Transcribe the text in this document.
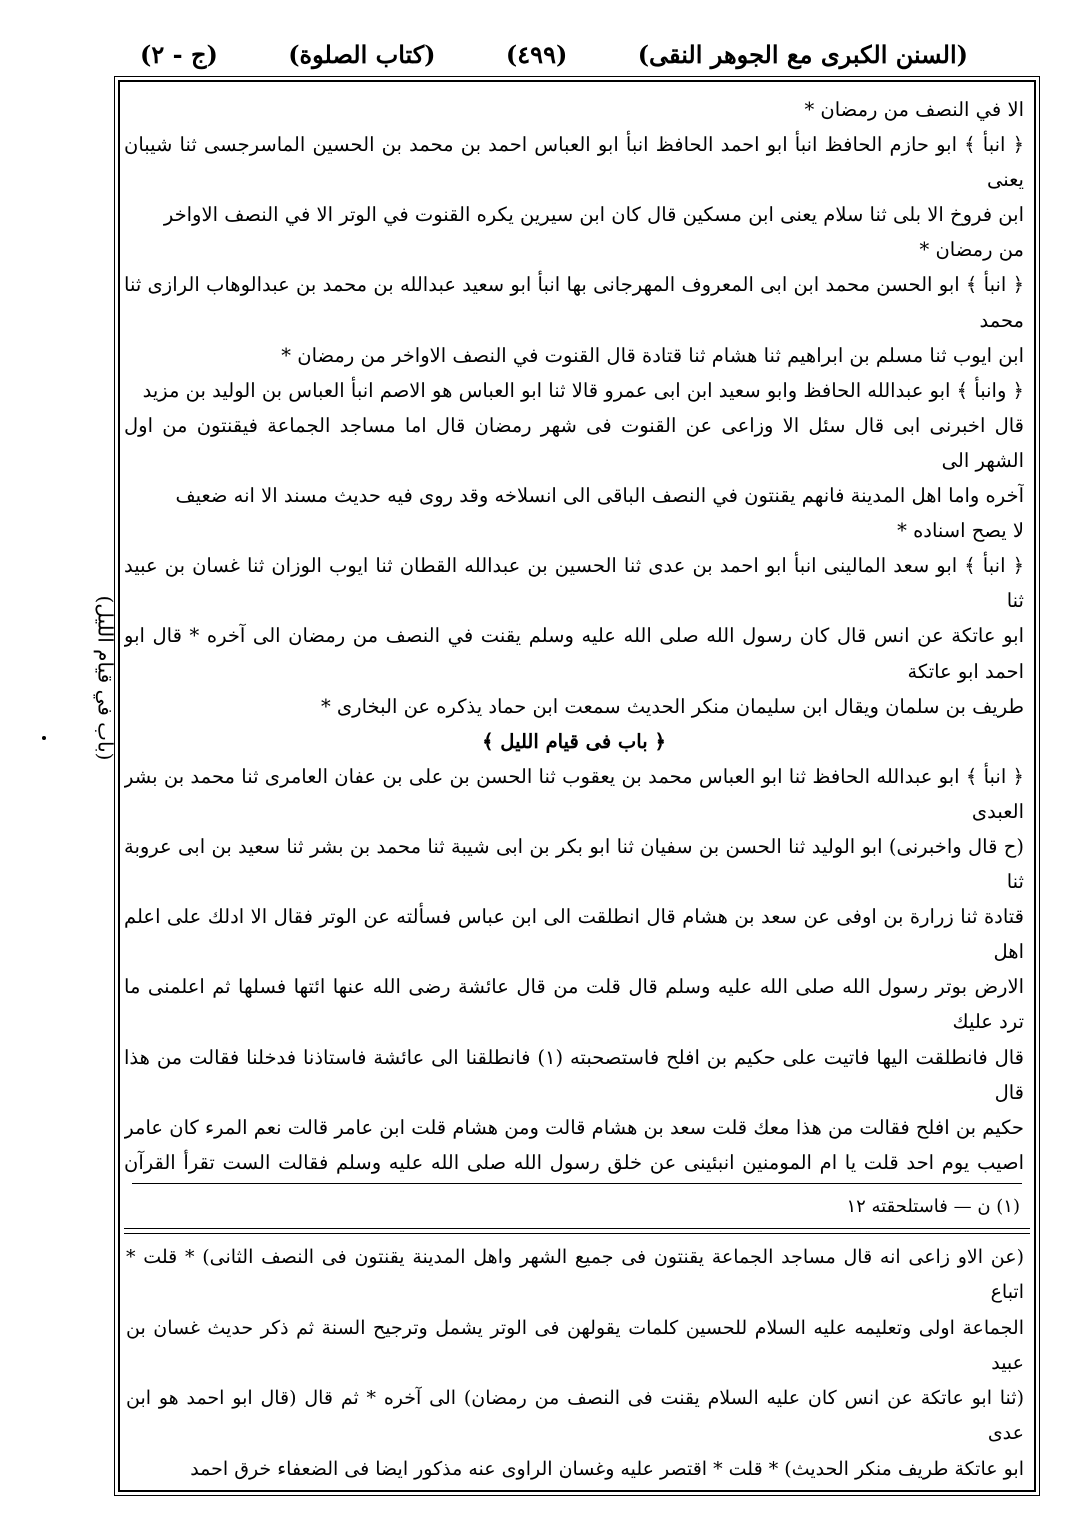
(السنن الكبرى مع الجوهر النقى)
(٤٩٩)
(كتاب الصلوة)
(ج - ٢)
(باب في قيام الليل)

الا في النصف من رمضان *

﴿ انبأ ﴾ ابو حازم الحافظ انبأ ابو احمد الحافظ انبأ ابو العباس احمد بن محمد بن الحسين الماسرجسى ثنا شيبان يعنى

ابن فروخ الا بلى ثنا سلام يعنى ابن مسكين قال كان ابن سيرين يكره القنوت في الوتر الا في النصف الاواخر

من رمضان *

﴿ انبأ ﴾ ابو الحسن محمد ابن ابى المعروف المهرجانى بها انبأ ابو سعيد عبدالله بن محمد بن عبدالوهاب الرازى ثنا محمد

ابن ايوب ثنا مسلم بن ابراهيم ثنا هشام ثنا قتادة قال القنوت في النصف الاواخر من رمضان *

﴿ وانبأ ﴾ ابو عبدالله الحافظ وابو سعيد ابن ابى عمرو قالا ثنا ابو العباس هو الاصم انبأ العباس بن الوليد بن مزيد

قال اخبرنى ابى قال سئل الا وزاعى عن القنوت فى شهر رمضان قال اما مساجد الجماعة فيقنتون من اول الشهر الى

آخره واما اهل المدينة فانهم يقنتون في النصف الباقى الى انسلاخه وقد روى فيه حديث مسند الا انه ضعيف

لا يصح اسناده *

﴿ انبأ ﴾ ابو سعد المالينى انبأ ابو احمد بن عدى ثنا الحسين بن عبدالله القطان ثنا ايوب الوزان ثنا غسان بن عبيد ثنا

ابو عاتكة عن انس قال كان رسول الله صلى الله عليه وسلم يقنت في النصف من رمضان الى آخره * قال ابو احمد ابو عاتكة

طريف بن سلمان ويقال ابن سليمان منكر الحديث سمعت ابن حماد يذكره عن البخارى *

﴿ باب فى قيام الليل ﴾

﴿ انبأ ﴾ ابو عبدالله الحافظ ثنا ابو العباس محمد بن يعقوب ثنا الحسن بن على بن عفان العامرى ثنا محمد بن بشر العبدى

(ح قال واخبرنى) ابو الوليد ثنا الحسن بن سفيان ثنا ابو بكر بن ابى شيبة ثنا محمد بن بشر ثنا سعيد بن ابى عروبة ثنا

قتادة ثنا زرارة بن اوفى عن سعد بن هشام قال انطلقت الى ابن عباس فسألته عن الوتر فقال الا ادلك على اعلم اهل

الارض بوتر رسول الله صلى الله عليه وسلم قال قلت من قال عائشة رضى الله عنها ائتها فسلها ثم اعلمنى ما ترد عليك

قال فانطلقت اليها فاتيت على حكيم بن افلح فاستصحبته (١) فانطلقنا الى عائشة فاستاذنا فدخلنا فقالت من هذا قال

حكيم بن افلح فقالت من هذا معك قلت سعد بن هشام قالت ومن هشام قلت ابن عامر قالت نعم المرء كان عامر

اصيب يوم احد قلت يا ام المومنين انبئينى عن خلق رسول الله صلى الله عليه وسلم فقالت الست تقرأ القرآن

(١) ن — فاستلحقته ١٢

(عن الاو زاعى انه قال مساجد الجماعة يقنتون فى جميع الشهر واهل المدينة يقنتون فى النصف الثانى) * قلت * اتباع

الجماعة اولى وتعليمه عليه السلام للحسين كلمات يقولهن فى الوتر يشمل وترجيح السنة ثم ذكر حديث غسان بن عبيد

(ثنا ابو عاتكة عن انس كان عليه السلام يقنت فى النصف من رمضان) الى آخره * ثم قال (قال ابو احمد هو ابن عدى

ابو عاتكة طريف منكر الحديث) * قلت * اقتصر عليه وغسان الراوى عنه مذكور ايضا فى الضعفاء خرق احمد
